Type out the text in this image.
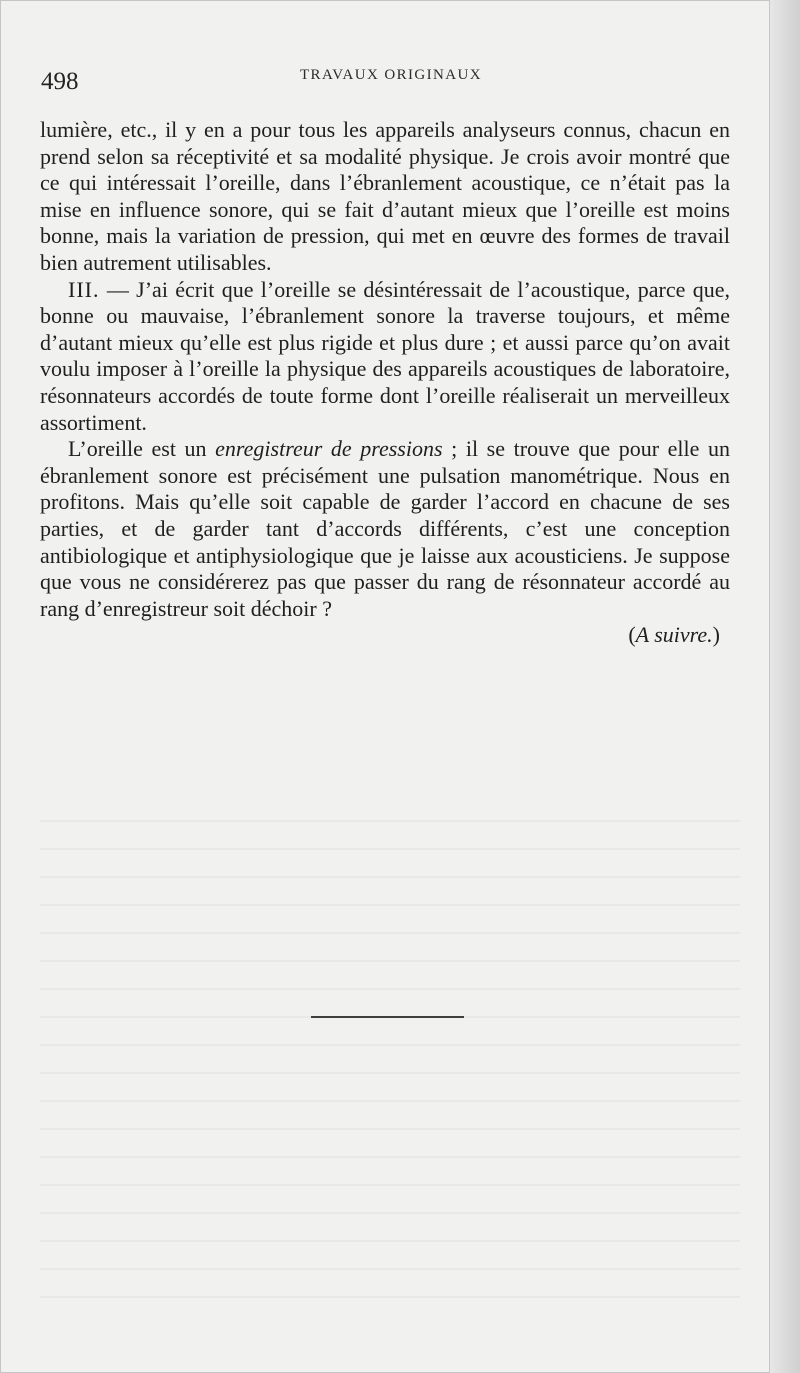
498	TRAVAUX ORIGINAUX

lumière, etc., il y en a pour tous les appareils analyseurs connus, chacun en prend selon sa réceptivité et sa modalité physique. Je crois avoir montré que ce qui intéressait l’oreille, dans l’ébranlement acoustique, ce n’était pas la mise en influence sonore, qui se fait d’autant mieux que l’oreille est moins bonne, mais la variation de pression, qui met en œuvre des formes de travail bien autrement utilisables.

III. — J’ai écrit que l’oreille se désintéressait de l’acoustique, parce que, bonne ou mauvaise, l’ébranlement sonore la traverse toujours, et même d’autant mieux qu’elle est plus rigide et plus dure ; et aussi parce qu’on avait voulu imposer à l’oreille la physique des appareils acoustiques de laboratoire, résonnateurs accordés de toute forme dont l’oreille réaliserait un merveilleux assortiment.

L’oreille est un enregistreur de pressions ; il se trouve que pour elle un ébranlement sonore est précisément une pulsation manométrique. Nous en profitons. Mais qu’elle soit capable de garder l’accord en chacune de ses parties, et de garder tant d’accords différents, c’est une conception antibiologique et antiphysiologique que je laisse aux acousticiens. Je suppose que vous ne considérerez pas que passer du rang de résonnateur accordé au rang d’enregistreur soit déchoir ?

(A suivre.)
